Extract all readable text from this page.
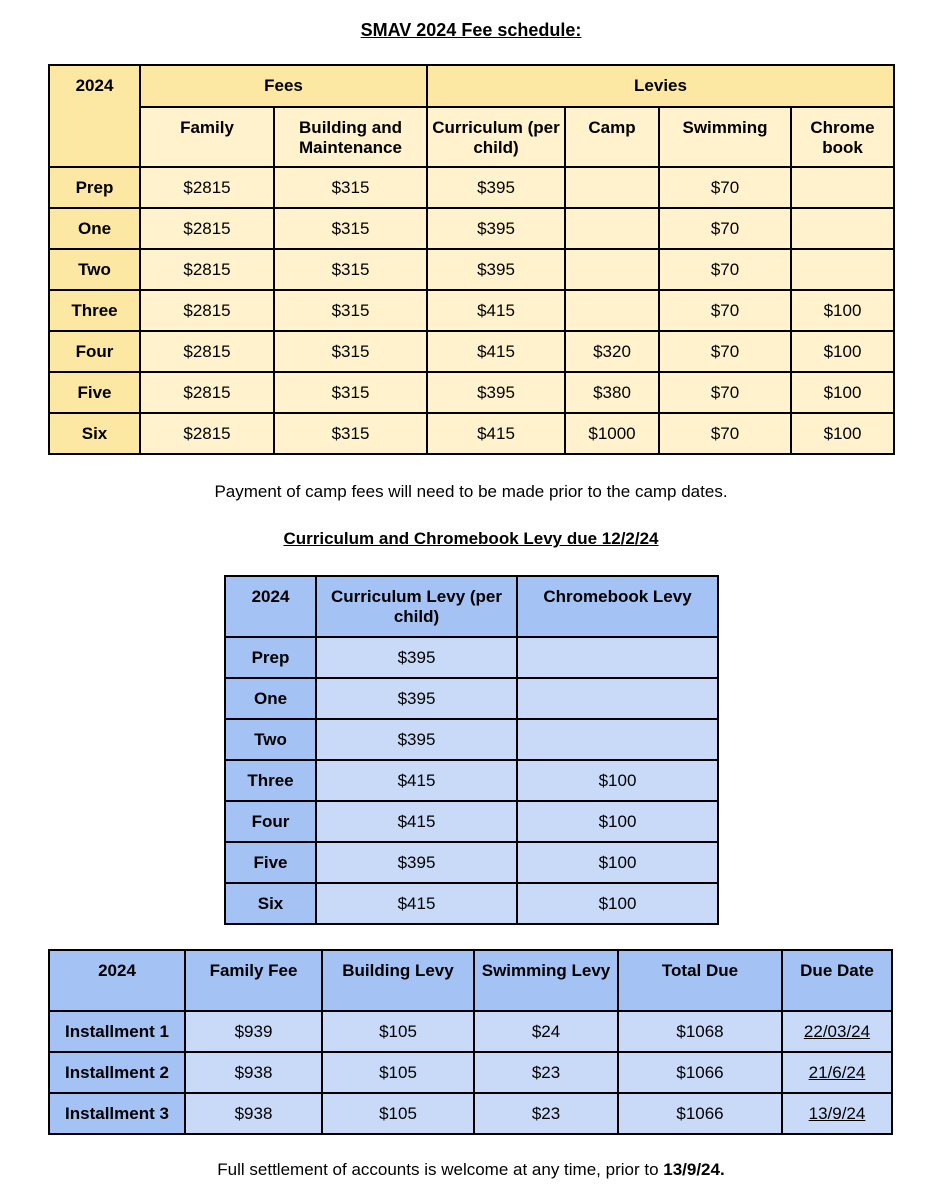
SMAV 2024 Fee schedule:
2024	Fees		Levies			
	Family	Building and Maintenance	Curriculum (per child)	Camp	Swimming	Chrome book
Prep	$2815	$315	$395		$70	
One	$2815	$315	$395		$70	
Two	$2815	$315	$395		$70	
Three	$2815	$315	$415		$70	$100
Four	$2815	$315	$415	$320	$70	$100
Five	$2815	$315	$395	$380	$70	$100
Six	$2815	$315	$415	$1000	$70	$100
Payment of camp fees will need to be made prior to the camp dates.
Curriculum and Chromebook Levy due 12/2/24
2024	Curriculum Levy (per child)	Chromebook Levy
Prep	$395	
One	$395	
Two	$395	
Three	$415	$100
Four	$415	$100
Five	$395	$100
Six	$415	$100
2024	Family Fee	Building Levy	Swimming Levy	Total Due	Due Date
Installment 1	$939	$105	$24	$1068	22/03/24
Installment 2	$938	$105	$23	$1066	21/6/24
Installment 3	$938	$105	$23	$1066	13/9/24
Full settlement of accounts is welcome at any time, prior to 13/9/24.
